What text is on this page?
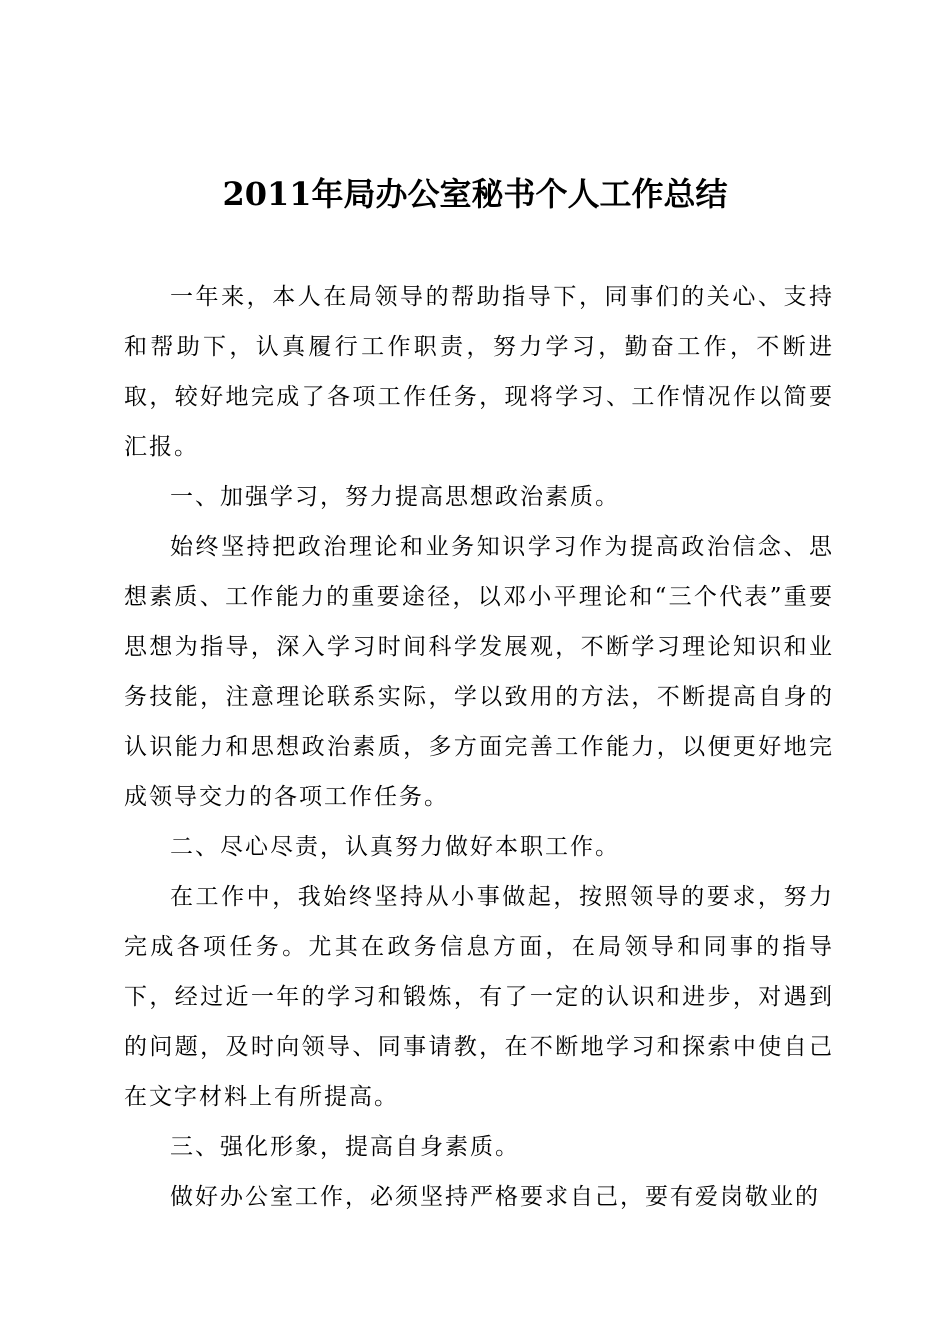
2011年局办公室秘书个人工作总结

一年来，本人在局领导的帮助指导下，同事们的关心、支持和帮助下，认真履行工作职责，努力学习，勤奋工作，不断进取，较好地完成了各项工作任务，现将学习、工作情况作以简要汇报。

一、加强学习，努力提高思想政治素质。

始终坚持把政治理论和业务知识学习作为提高政治信念、思想素质、工作能力的重要途径，以邓小平理论和“三个代表”重要思想为指导，深入学习时间科学发展观，不断学习理论知识和业务技能，注意理论联系实际，学以致用的方法，不断提高自身的认识能力和思想政治素质，多方面完善工作能力，以便更好地完成领导交力的各项工作任务。

二、尽心尽责，认真努力做好本职工作。

在工作中，我始终坚持从小事做起，按照领导的要求，努力完成各项任务。尤其在政务信息方面，在局领导和同事的指导下，经过近一年的学习和锻炼，有了一定的认识和进步，对遇到的问题，及时向领导、同事请教，在不断地学习和探索中使自己在文字材料上有所提高。

三、强化形象，提高自身素质。

做好办公室工作，必须坚持严格要求自己，要有爱岗敬业的
